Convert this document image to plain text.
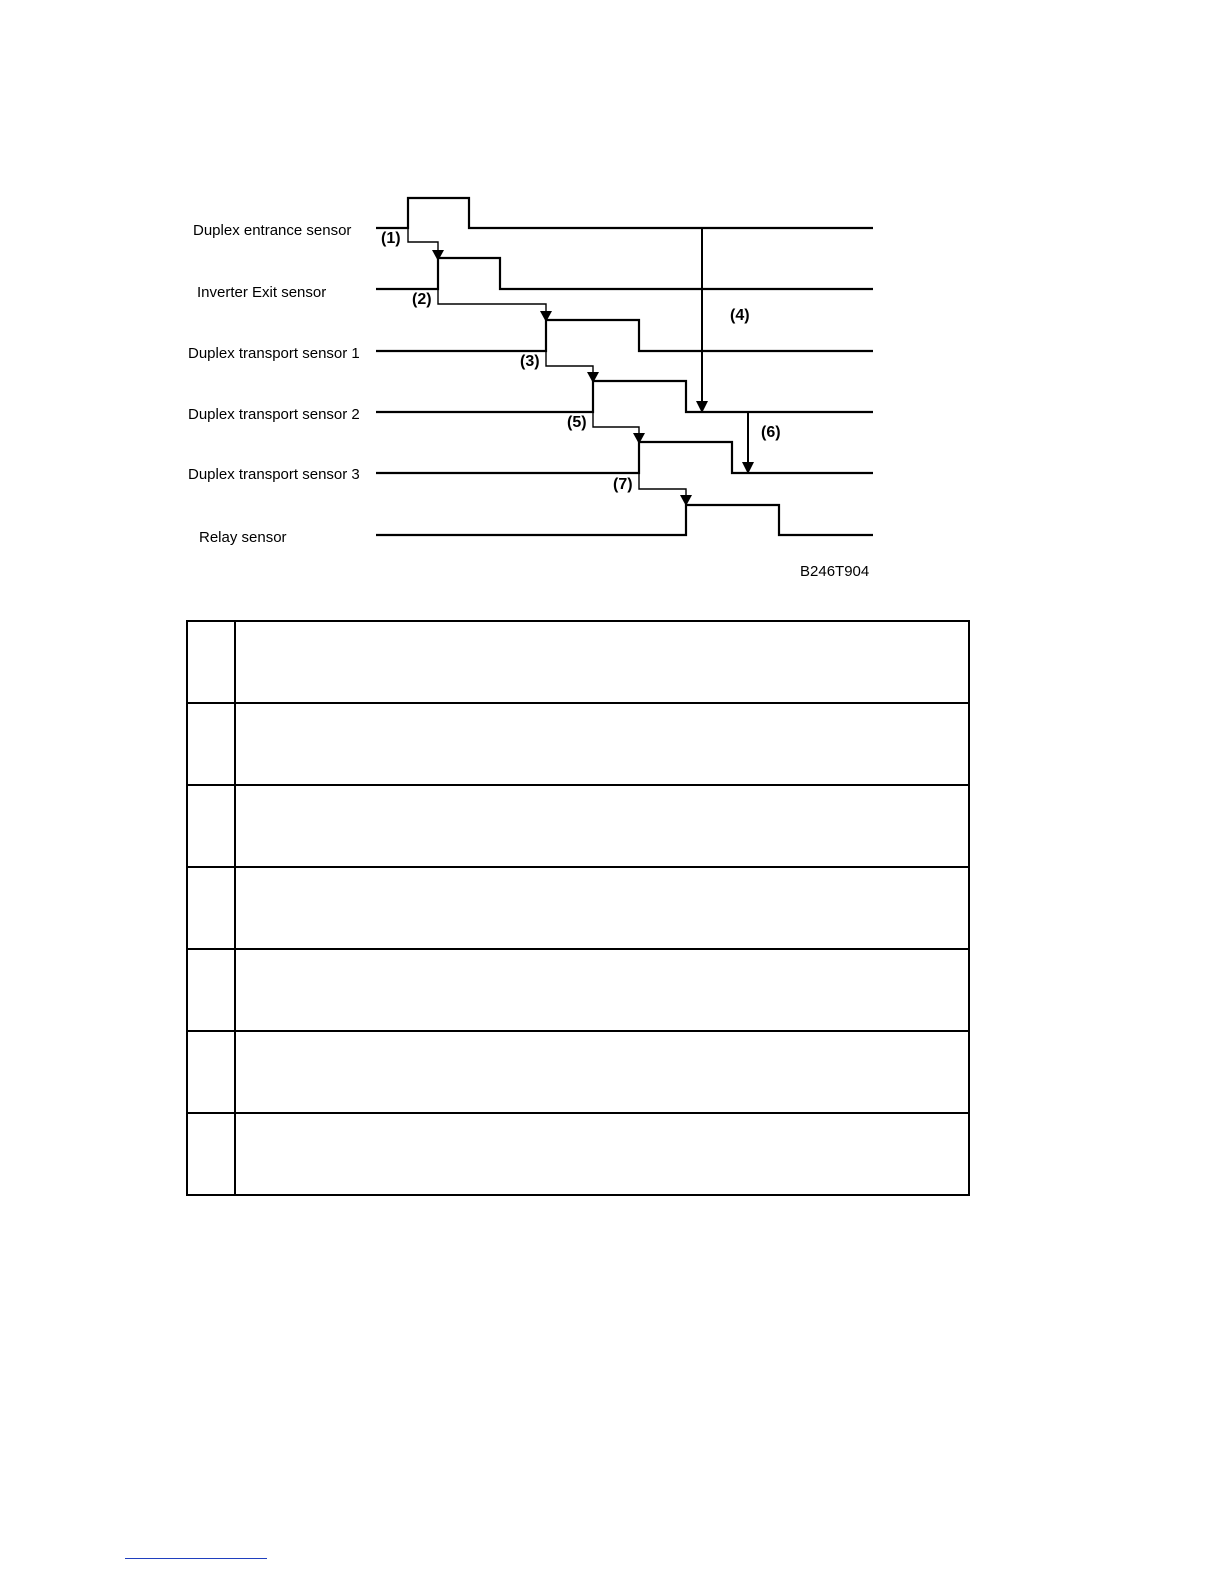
Duplex entrance sensor
Inverter Exit sensor
Duplex transport sensor 1
Duplex transport sensor 2
Duplex transport sensor 3
Relay sensor
(1)
(2)
(3)
(4)
(5)
(6)
(7)
B246T904
